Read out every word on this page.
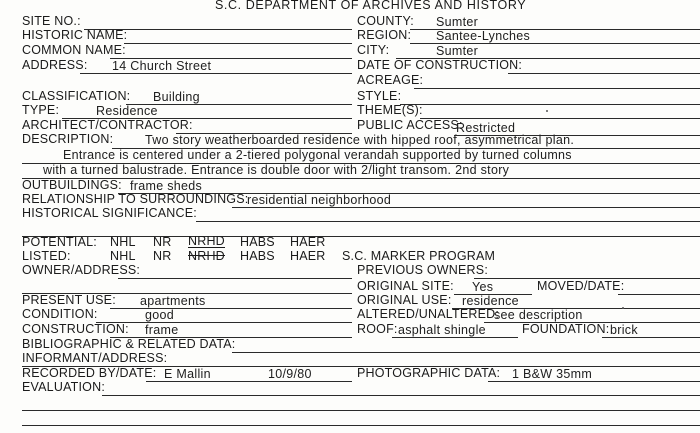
S.C. DEPARTMENT OF ARCHIVES AND HISTORY
SITE NO.:
HISTORIC NAME:
COMMON NAME:
ADDRESS: 14 Church Street
CLASSIFICATION: Building
TYPE:	Residence
ARCHITECT/CONTRACTOR:
DESCRIPTION:	Two story weatherboarded residence with hipped roof, asymmetrical plan.
Entrance is centered under a 2-tiered polygonal verandah supported by turned columns
with a turned balustrade. Entrance is double door with 2/light transom. 2nd story
OUTBUILDINGS: frame sheds
RELATIONSHIP TO SURROUNDINGS:
residential neighborhood
HISTORICAL SIGNIFICANCE:
POTENTIAL: NHL NR NRHD HABS HAER
LISTED:	NHL NR NRHD HABS HAER
OWNER/ADDRESS:
PRESENT USE: apartments
CONDITION:	good
CONSTRUCTION: frame
BIBLIOGRAPHIC & RELATED DATA:
INFORMANT/ADDRESS:
RECORDED BY/DATE: E Mallin	10/9/80
EVALUATION:
COUNTY: Sumter
REGION: Santee-Lynches
CITY:	Sumter
DATE OF CONSTRUCTION:
ACREAGE:
STYLE:
THEME(S):
PUBLIC ACCESS:
Restricted
S.C. MARKER PROGRAM
PREVIOUS OWNERS:
ORIGINAL SITE: Yes	MOVED/DATE:
ORIGINAL USE: residence
ALTERED/UNALTERED:
see description
ROOF: asphalt shingle	FOUNDATION: brick
PHOTOGRAPHIC DATA: 1 B&W 35mm
